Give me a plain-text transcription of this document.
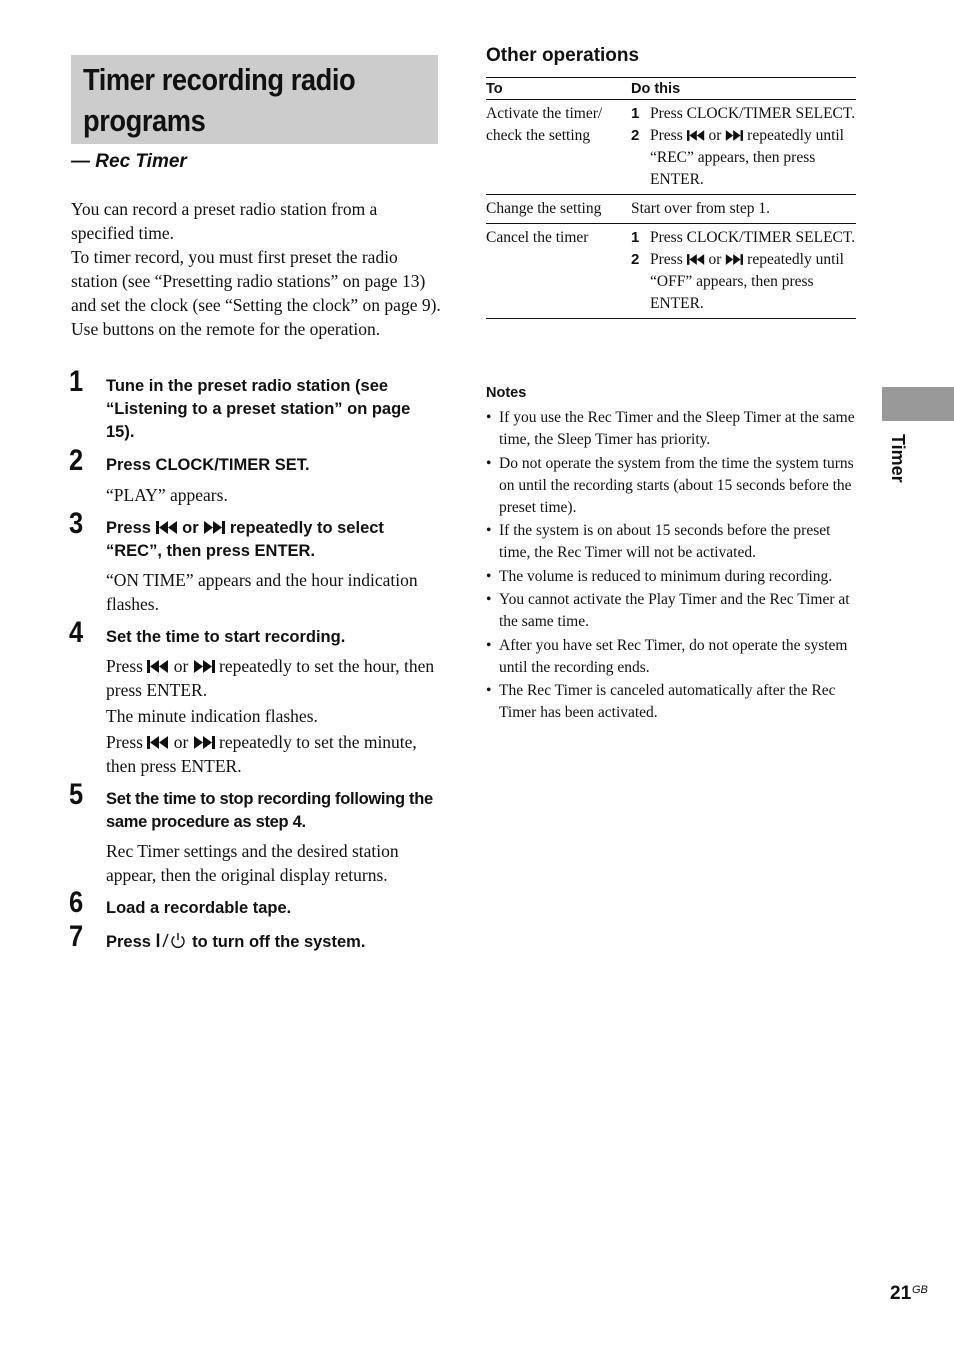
Timer recording radio
programs
— Rec Timer

You can record a preset radio station from a specified time.

To timer record, you must first preset the radio station (see “Presetting radio stations” on page 13) and set the clock (see “Setting the clock” on page 9).

Use buttons on the remote for the operation.

1 Tune in the preset radio station (see “Listening to a preset station” on page 15).
2 Press CLOCK/TIMER SET.

“PLAY” appears.

3 Press or repeatedly to select “REC”, then press ENTER.

“ON TIME” appears and the hour indication flashes.

4 Set the time to start recording.

Press or repeatedly to set the hour, then press ENTER.

The minute indication flashes.

Press or repeatedly to set the minute, then press ENTER.

5 Set the time to stop recording following the same procedure as step 4.

Rec Timer settings and the desired station appear, then the original display returns.

6 Load a recordable tape.
7 Press to turn off the system.
Other operations
To	Do this
Activate the timer/ check the setting	1 Press CLOCK/TIMER SELECT.
2 Press or repeatedly until “REC” appears, then press ENTER.

Change the setting	Start over from step 1.
Cancel the timer	1 Press CLOCK/TIMER SELECT.
2 Press or repeatedly until “OFF” appears, then press ENTER.
Notes
• If you use the Rec Timer and the Sleep Timer at the same time, the Sleep Timer has priority.
• Do not operate the system from the time the system turns on until the recording starts (about 15 seconds before the preset time).
• If the system is on about 15 seconds before the preset time, the Rec Timer will not be activated.
• The volume is reduced to minimum during recording.
• You cannot activate the Play Timer and the Rec Timer at the same time.
• After you have set Rec Timer, do not operate the system until the recording ends.
• The Rec Timer is canceled automatically after the Rec Timer has been activated.
Timer
21 GB
